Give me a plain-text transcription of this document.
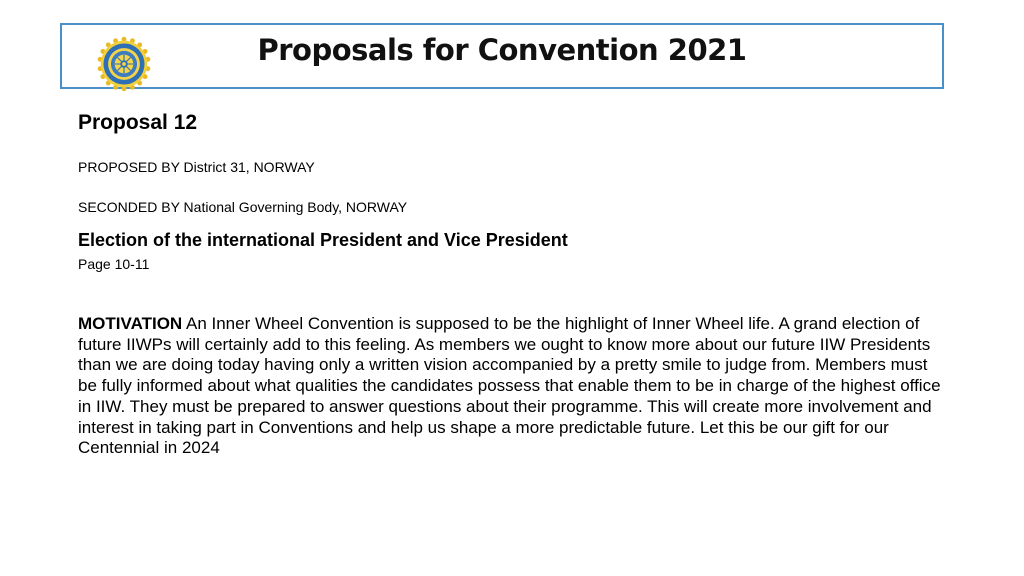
Proposals for Convention 2021

Proposal 12

PROPOSED BY District 31, NORWAY

SECONDED BY National Governing Body, NORWAY

Election of the international President and Vice President

Page 10-11

MOTIVATION An Inner Wheel Convention is supposed to be the highlight of Inner Wheel life. A grand election of future IIWPs will certainly add to this feeling. As members we ought to know more about our future IIW Presidents than we are doing today having only a written vision accompanied by a pretty smile to judge from. Members must be fully informed about what qualities the candidates possess that enable them to be in charge of the highest office in IIW. They must be prepared to answer questions about their programme. This will create more involvement and interest in taking part in Conventions and help us shape a more predictable future. Let this be our gift for our Centennial in 2024
